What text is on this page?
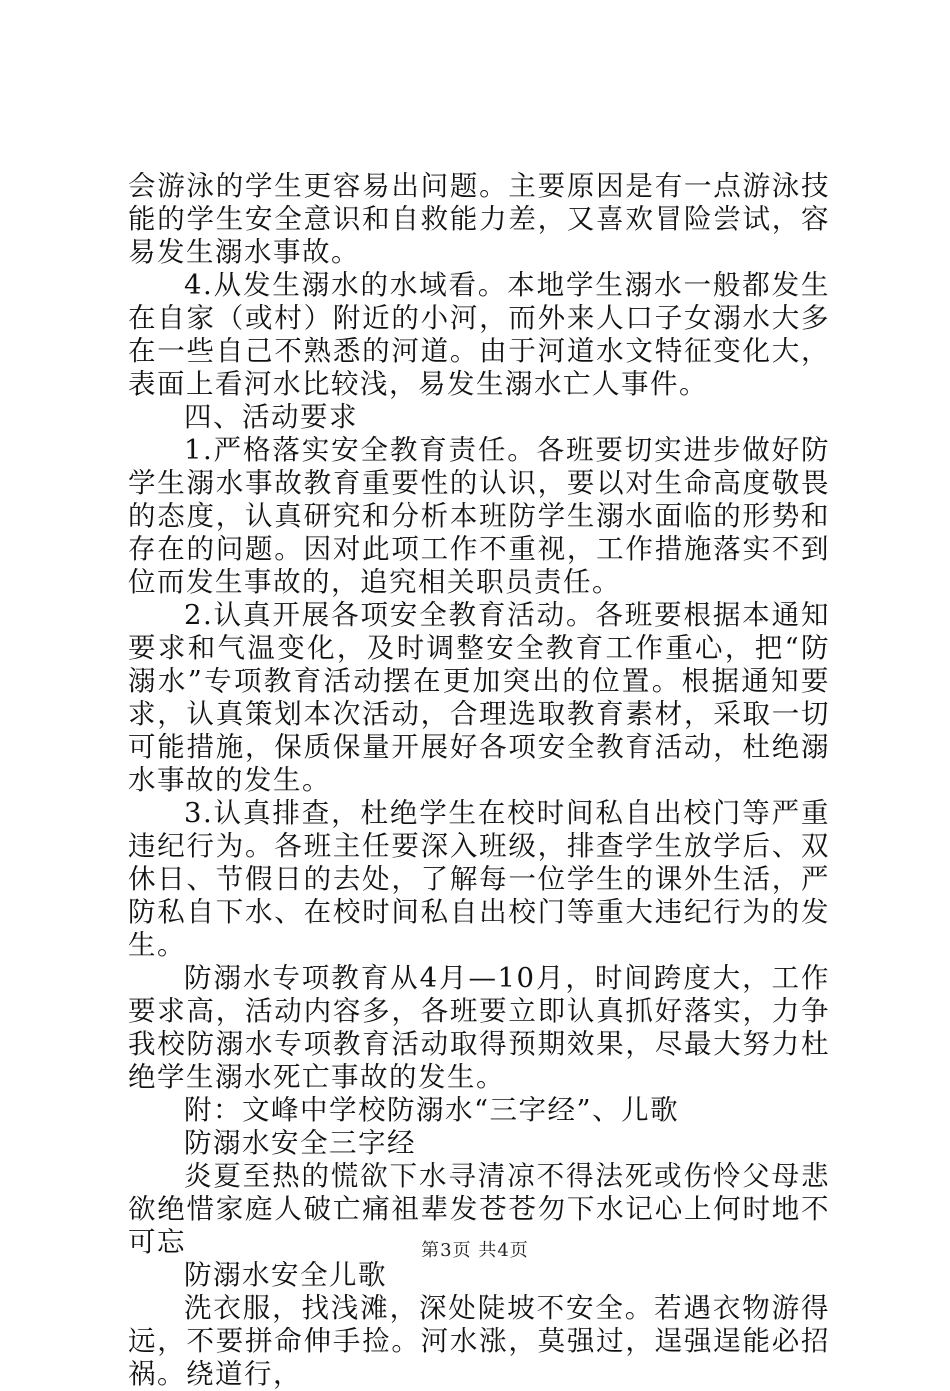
会游泳的学生更容易出问题。主要原因是有一点游泳技能的学生安全意识和自救能力差，又喜欢冒险尝试，容易发生溺水事故。

4.从发生溺水的水域看。本地学生溺水一般都发生在自家（或村）附近的小河，而外来人口子女溺水大多在一些自己不熟悉的河道。由于河道水文特征变化大，表面上看河水比较浅，易发生溺水亡人事件。

四、活动要求

1.严格落实安全教育责任。各班要切实进步做好防学生溺水事故教育重要性的认识，要以对生命高度敬畏的态度，认真研究和分析本班防学生溺水面临的形势和存在的问题。因对此项工作不重视，工作措施落实不到位而发生事故的，追究相关职员责任。

2.认真开展各项安全教育活动。各班要根据本通知要求和气温变化，及时调整安全教育工作重心，把“防溺水”专项教育活动摆在更加突出的位置。根据通知要求，认真策划本次活动，合理选取教育素材，采取一切可能措施，保质保量开展好各项安全教育活动，杜绝溺水事故的发生。

3.认真排查，杜绝学生在校时间私自出校门等严重违纪行为。各班主任要深入班级，排查学生放学后、双休日、节假日的去处，了解每一位学生的课外生活，严防私自下水、在校时间私自出校门等重大违纪行为的发生。

防溺水专项教育从4月—10月，时间跨度大，工作要求高，活动内容多，各班要立即认真抓好落实，力争我校防溺水专项教育活动取得预期效果，尽最大努力杜绝学生溺水死亡事故的发生。

附：文峰中学校防溺水“三字经”、儿歌

防溺水安全三字经

炎夏至热的慌欲下水寻清凉不得法死或伤怜父母悲欲绝惜家庭人破亡痛祖辈发苍苍勿下水记心上何时地不可忘

防溺水安全儿歌

洗衣服，找浅滩，深处陡坡不安全。若遇衣物游得远，不要拼命伸手捡。河水涨，莫强过，逞强逞能必招祸。绕道行，

第3页 共4页
